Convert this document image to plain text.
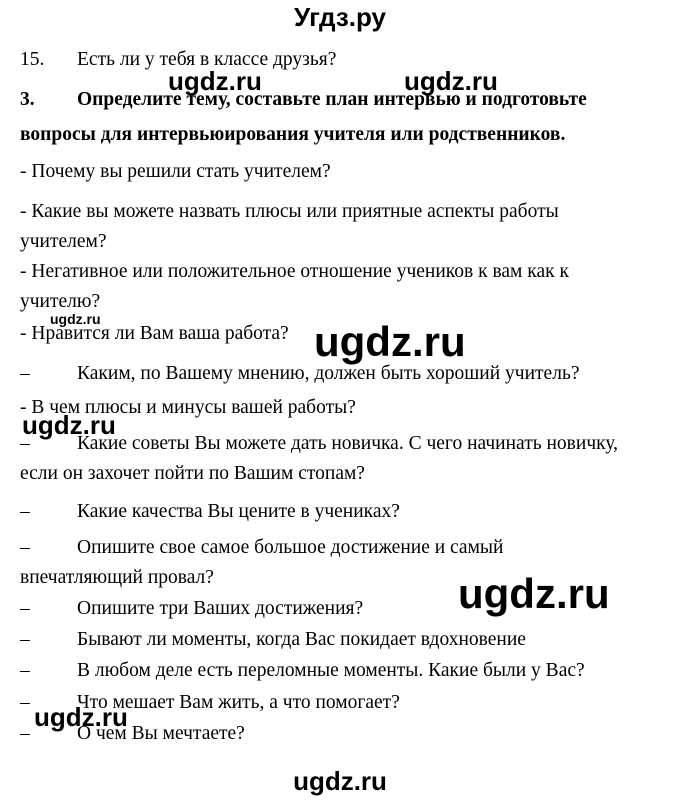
Угдз.ру
15. Есть ли у тебя в классе друзья?
3. Определите тему, составьте план интервью и подготовьте
вопросы для интервьюирования учителя или родственников.
- Почему вы решили стать учителем?
- Какие вы можете назвать плюсы или приятные аспекты работы
учителем?
- Негативное или положительное отношение учеников к вам как к
учителю?
- Нравится ли Вам ваша работа?
– Каким, по Вашему мнению, должен быть хороший учитель?
- В чем плюсы и минусы вашей работы?
– Какие советы Вы можете дать новичка. С чего начинать новичку,
если он захочет пойти по Вашим стопам?
– Какие качества Вы цените в учениках?
– Опишите свое самое большое достижение и самый
впечатляющий провал?
– Опишите три Ваших достижения?
– Бывают ли моменты, когда Вас покидает вдохновение
– В любом деле есть переломные моменты. Какие были у Вас?
– Что мешает Вам жить, а что помогает?
– О чем Вы мечтаете?
ugdz.ru	ugdz.ru
ugdz.ru	ugdz.ru
ugdz.ru
ugdz.ru
ugdz.ru
ugdz.ru
